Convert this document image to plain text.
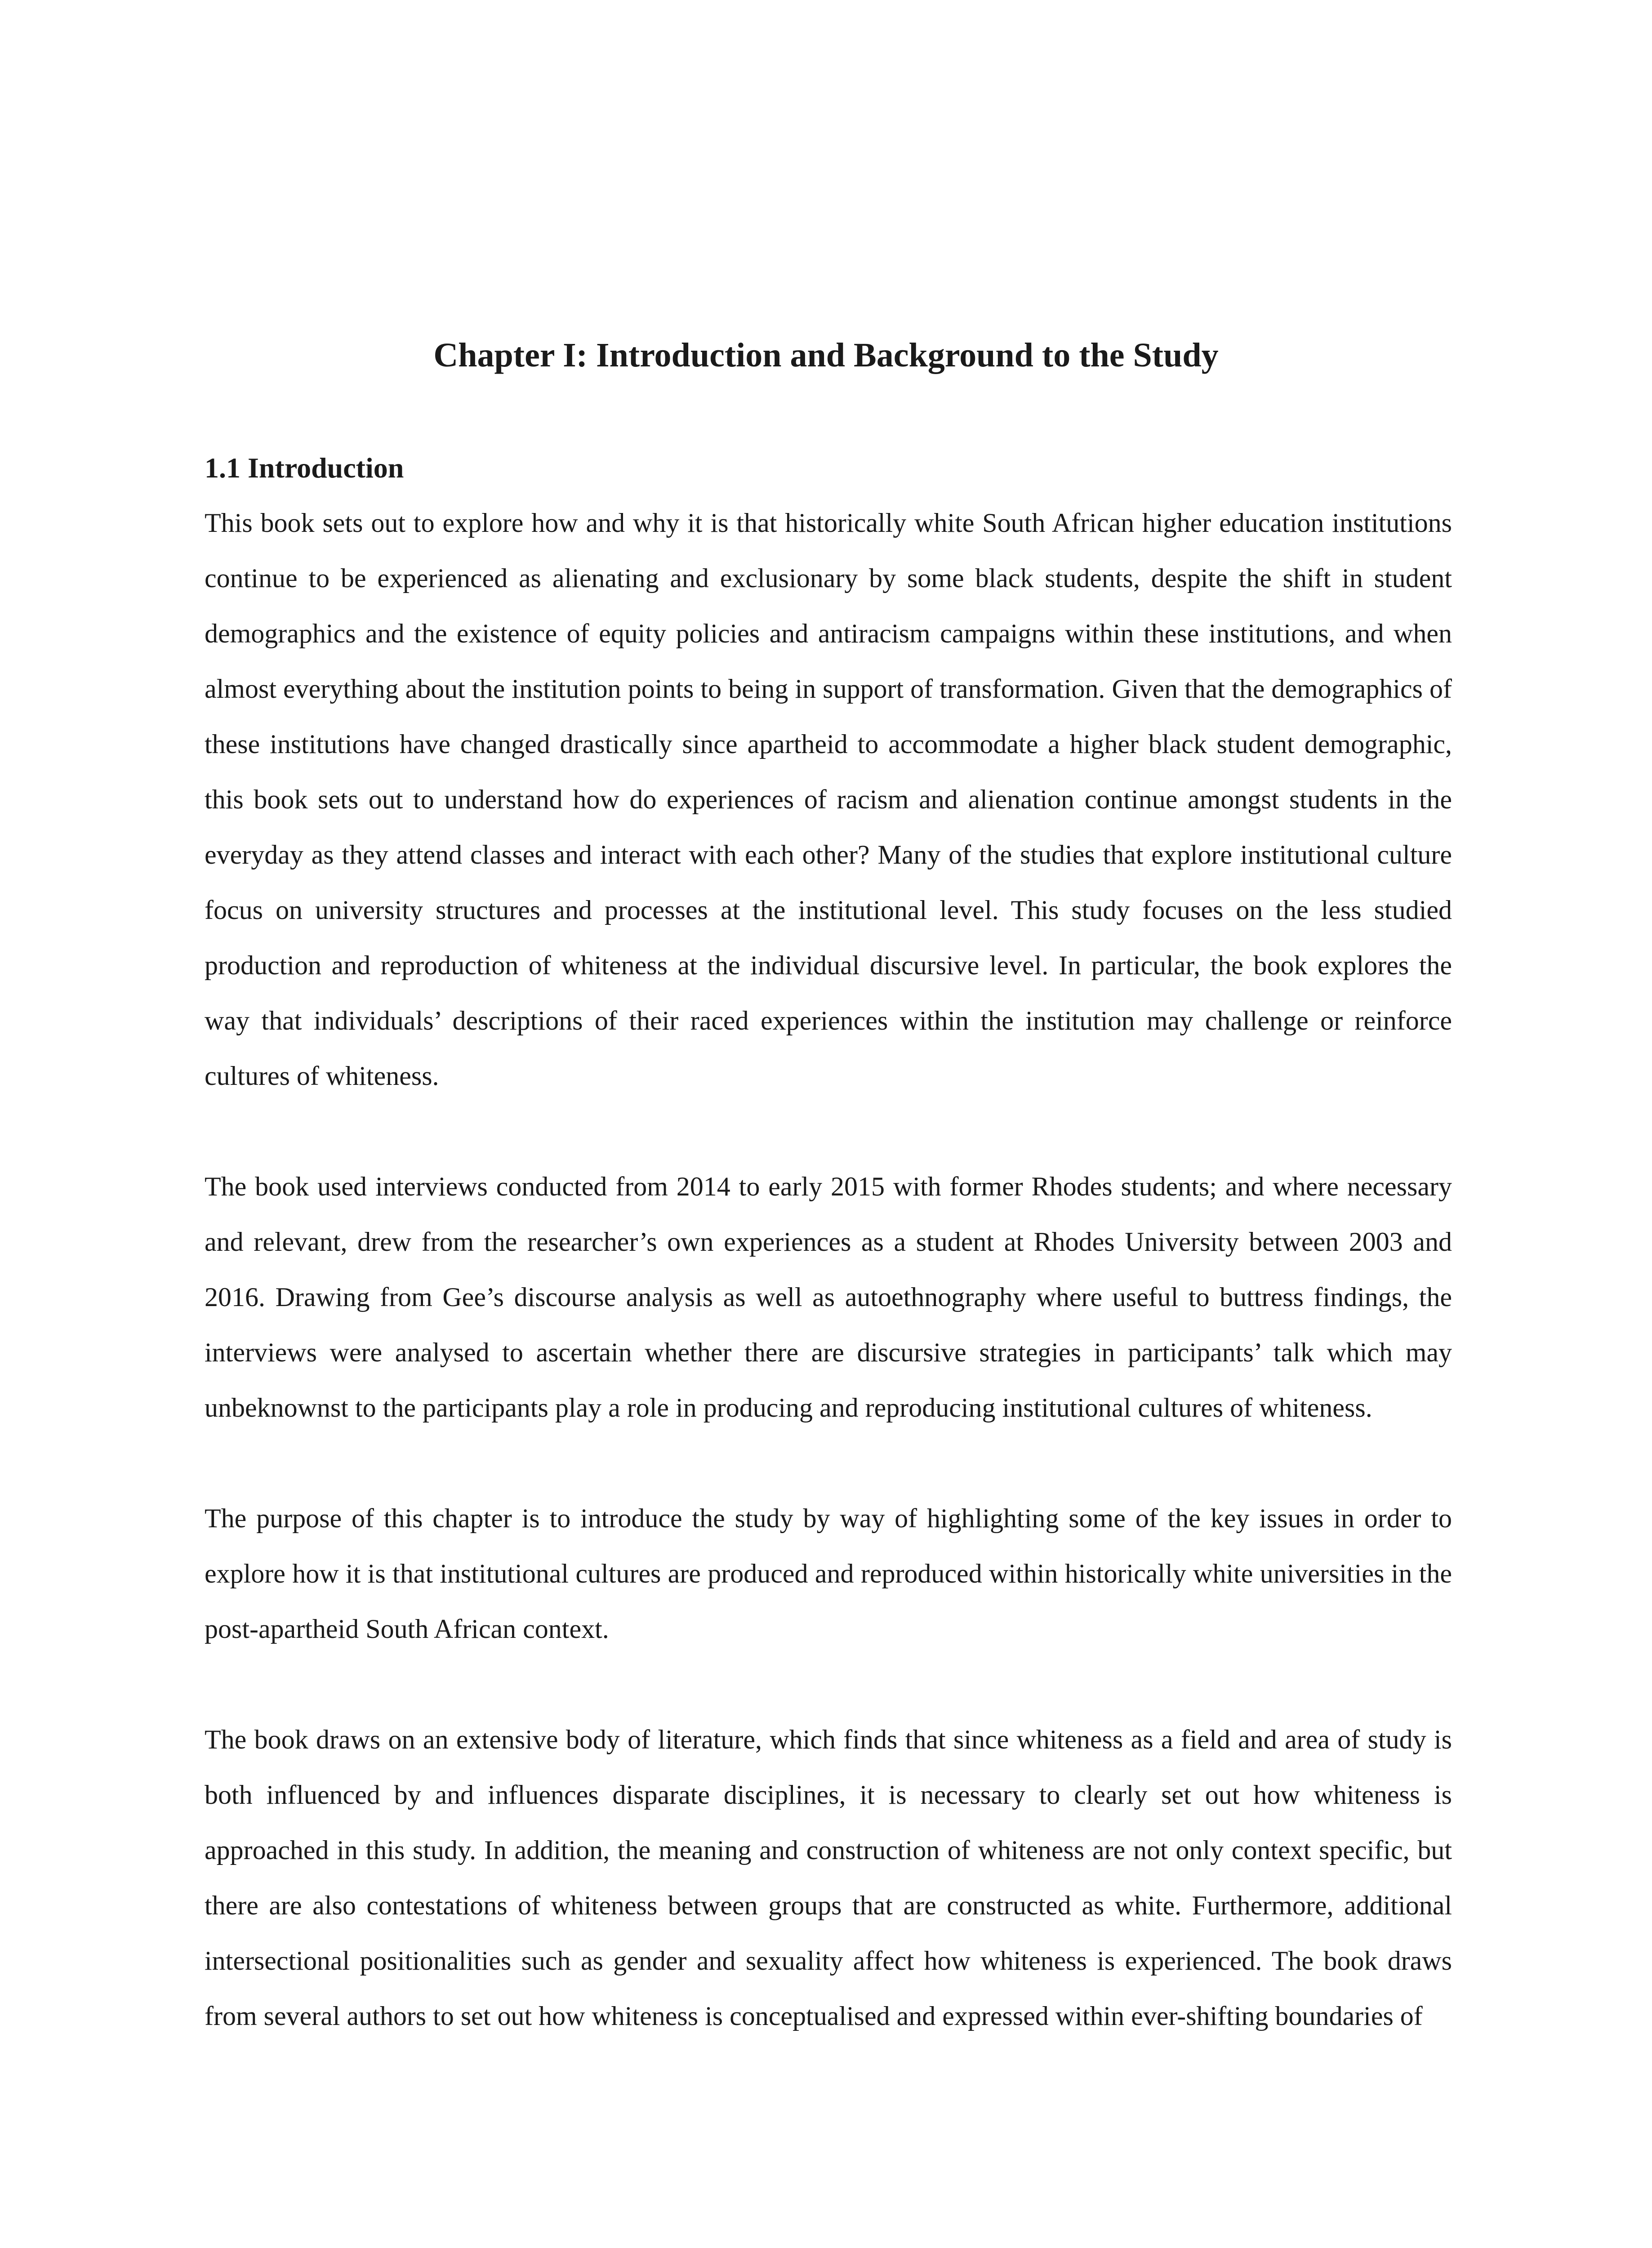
Chapter I: Introduction and Background to the Study
1.1 Introduction

This book sets out to explore how and why it is that historically white South African higher education institutions continue to be experienced as alienating and exclusionary by some black students, despite the shift in student demographics and the existence of equity policies and antiracism campaigns within these institutions, and when almost everything about the institution points to being in support of transformation. Given that the demographics of these institutions have changed drastically since apartheid to accommodate a higher black student demographic, this book sets out to understand how do experiences of racism and alienation continue amongst students in the everyday as they attend classes and interact with each other? Many of the studies that explore institutional culture focus on university structures and processes at the institutional level. This study focuses on the less studied production and reproduction of whiteness at the individual discursive level. In particular, the book explores the way that individuals’ descriptions of their raced experiences within the institution may challenge or reinforce cultures of whiteness.

The book used interviews conducted from 2014 to early 2015 with former Rhodes students; and where necessary and relevant, drew from the researcher’s own experiences as a student at Rhodes University between 2003 and 2016. Drawing from Gee’s discourse analysis as well as autoethnography where useful to buttress findings, the interviews were analysed to ascertain whether there are discursive strategies in participants’ talk which may unbeknownst to the participants play a role in producing and reproducing institutional cultures of whiteness.

The purpose of this chapter is to introduce the study by way of highlighting some of the key issues in order to explore how it is that institutional cultures are produced and reproduced within historically white universities in the post-apartheid South African context.

The book draws on an extensive body of literature, which finds that since whiteness as a field and area of study is both influenced by and influences disparate disciplines, it is necessary to clearly set out how whiteness is approached in this study. In addition, the meaning and construction of whiteness are not only context specific, but there are also contestations of whiteness between groups that are constructed as white. Furthermore, additional intersectional positionalities such as gender and sexuality affect how whiteness is experienced. The book draws from several authors to set out how whiteness is conceptualised and expressed within ever-shifting boundaries of
